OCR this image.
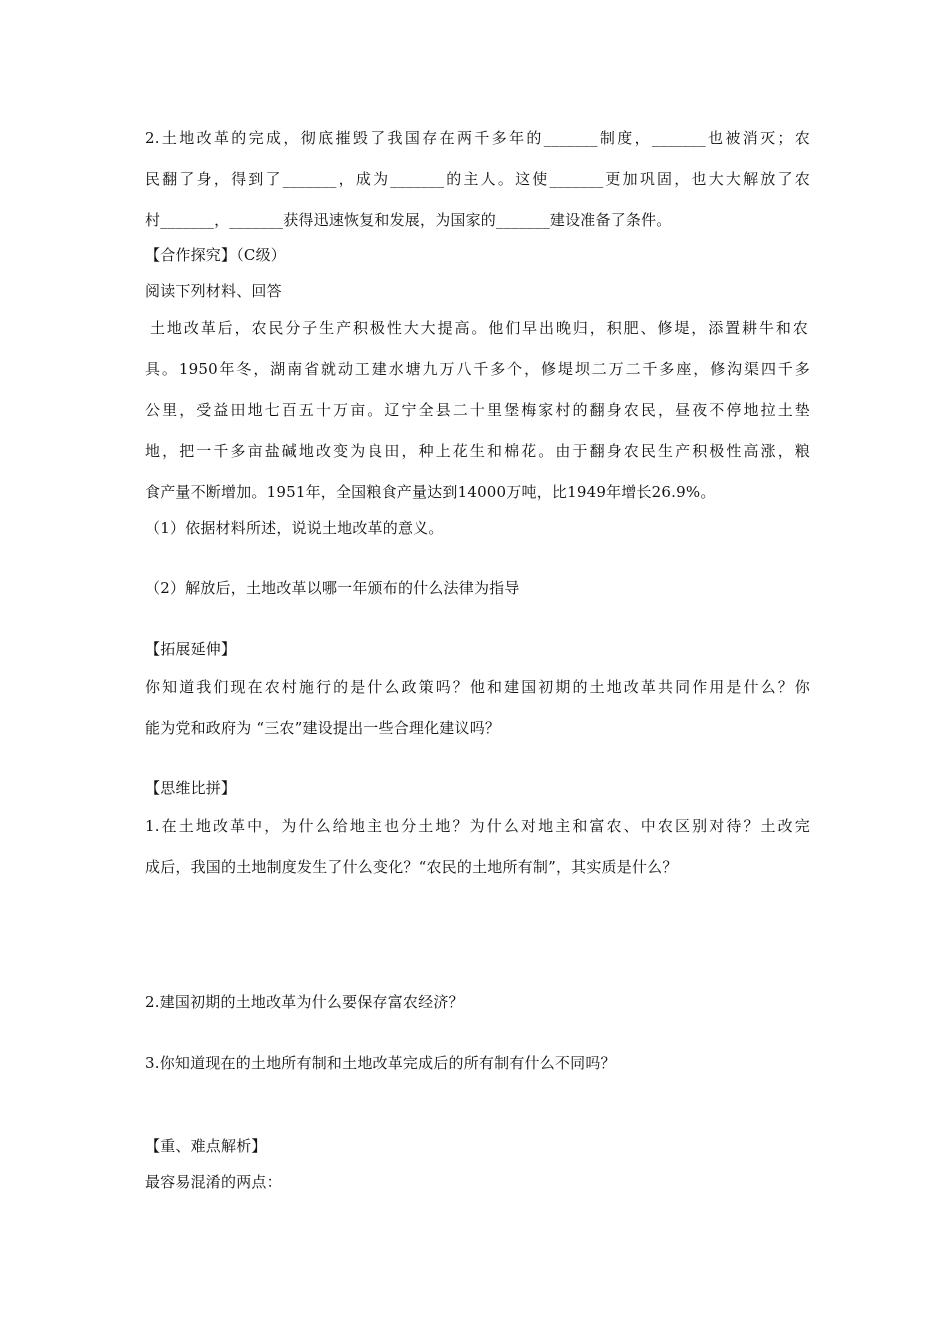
2.土地改革的完成，彻底摧毁了我国存在两千多年的_______制度，_______也被消灭；农
民翻了身，得到了_______，成为_______的主人。这使_______更加巩固，也大大解放了农
村_______，_______获得迅速恢复和发展，为国家的_______建设准备了条件。
【合作探究】（C级）
阅读下列材料、回答
土地改革后，农民分子生产积极性大大提高。他们早出晚归，积肥、修堤，添置耕牛和农
具。1950年冬，湖南省就动工建水塘九万八千多个，修堤坝二万二千多座，修沟渠四千多
公里，受益田地七百五十万亩。辽宁全县二十里堡梅家村的翻身农民，昼夜不停地拉土垫
地，把一千多亩盐碱地改变为良田，种上花生和棉花。由于翻身农民生产积极性高涨，粮
食产量不断增加。1951年，全国粮食产量达到14000万吨，比1949年增长26.9%。
（1）依据材料所述，说说土地改革的意义。
（2）解放后，土地改革以哪一年颁布的什么法律为指导
【拓展延伸】
你知道我们现在农村施行的是什么政策吗？他和建国初期的土地改革共同作用是什么？你
能为党和政府为 “三农”建设提出一些合理化建议吗？
【思维比拼】
1.在土地改革中，为什么给地主也分土地？为什么对地主和富农、中农区别对待？土改完
成后，我国的土地制度发生了什么变化？“农民的土地所有制”，其实质是什么？
2.建国初期的土地改革为什么要保存富农经济？
3.你知道现在的土地所有制和土地改革完成后的所有制有什么不同吗？
【重、难点解析】
最容易混淆的两点：
